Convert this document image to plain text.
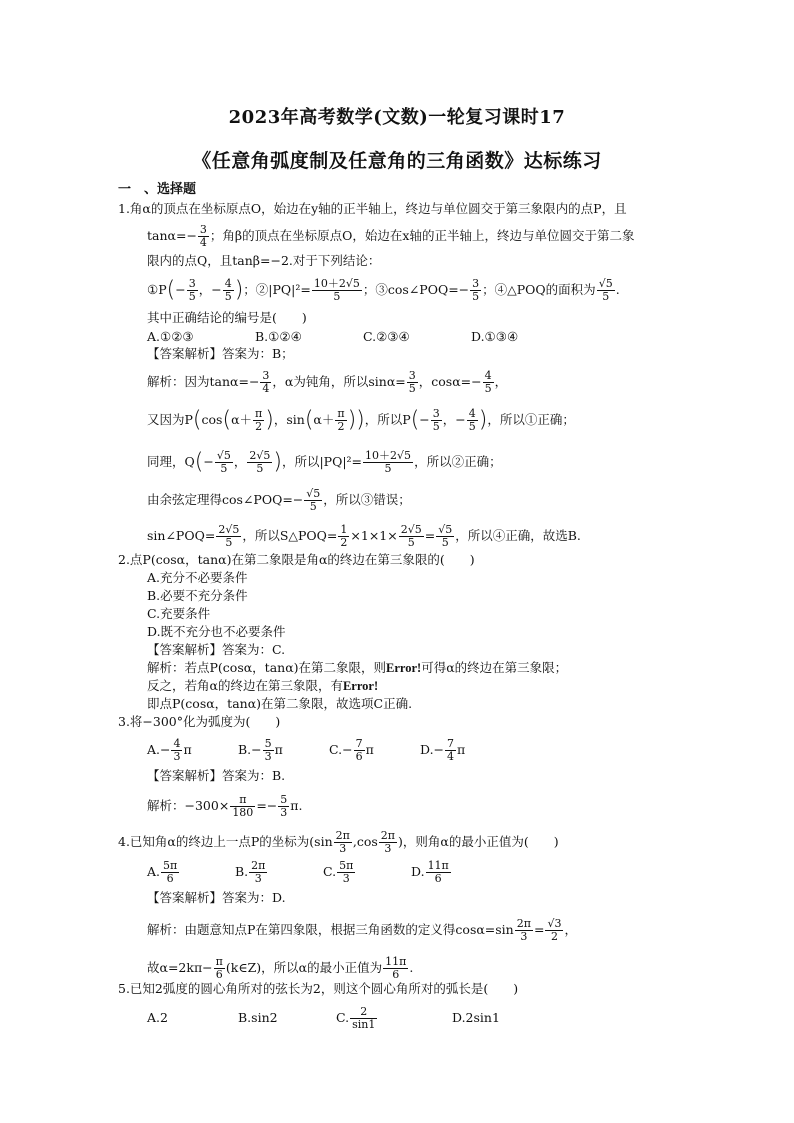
2023年高考数学(文数)一轮复习课时17
《任意角弧度制及任意角的三角函数》达标练习
一　、选择题
1.角α的顶点在坐标原点O，始边在y轴的正半轴上，终边与单位圆交于第三象限内的点P，且
$\tan\alpha=- \frac{3}{4}$ ；角β的顶点在坐标原点O，始边在x轴的正半轴上，终边与单位圆交于第二象
限内的点Q，且tanβ=−2.对于下列结论：
①P(− $\frac{3}{5}$ ，− $\frac{4}{5}$ )；②|PQ|²= $\frac{10+2√5}{5}$ ；③cos∠POQ=− $\frac{3}{5}$ ；④△POQ的面积为 $\frac{√5}{5}$ .
其中正确结论的编号是(　　)
A.①②③	B.①②④	C.②③④	D.①③④
【答案解析】答案为：B；
解析：因为$\tan\alpha=- \frac{3}{4}$ ，α为钝角，所以$\sin\alpha= \frac{3}{5}$ ，$\cos\alpha=- \frac{4}{5}$ ，
又因为$P(\cos(\alpha+ \frac{\pi}{2}$ )，$\sin(\alpha+ \frac{\pi}{2}$ ))，所以$P(- \frac{3}{5}$ ，− $\frac{4}{5}$ )，所以①正确；
同理，$Q(- \frac{√5}{5}$ ， $\frac{2√5}{5}$ )，所以$|PQ|^2= \frac{10+2√5}{5}$ ，所以②正确；
由余弦定理得cos∠POQ=− $\frac{√5}{5}$ ，所以③错误；
sin∠POQ= $\frac{2√5}{5}$ ，所以S△POQ= $\frac{1}{2} \times 1\times 1\times \frac{2√5}{5} = \frac{√5}{5}$ ，所以④正确，故选B.
2.点P(cosα，tanα)在第二象限是角α的终边在第三象限的(　　)
A.充分不必要条件
B.必要不充分条件
C.充要条件
D.既不充分也不必要条件
【答案解析】答案为：C.
解析：若点P(cosα，tanα)在第二象限，则Error!可得α的终边在第三象限；
反之，若角α的终边在第三象限，有Error!
即点P(cosα，tanα)在第二象限，故选项C正确.
3.将−300°化为弧度为(　　)
$A.- \frac{4}{3}$ π	$B.- \frac{5}{3}$ π	$C.- \frac{7}{6}$ π	$D.- \frac{7}{4}$ π
【答案解析】答案为：B.
解析：$-300\times \frac{\pi}{180} =- \frac{5}{3} \pi$.
4.已知角α的终边上一点P的坐标为($\sin \frac{2\pi}{3} ,\cos \frac{2\pi}{3}$ )，则角α的最小正值为(　　)
A. $\frac{5\pi}{6}$	B. $\frac{2\pi}{3}$	C. $\frac{5\pi}{3}$	D. $\frac{11\pi}{6}$
【答案解析】答案为：D.
解析：由题意知点P在第四象限，根据三角函数的定义得$\cos\alpha=\sin \frac{2\pi}{3} = \frac{√3}{2}$ ，
故$\alpha=2k\pi- \frac{\pi}{6}$ (k∈Z)，所以α的最小正值为 $\frac{11\pi}{6}$ .
5.已知2弧度的圆心角所对的弦长为2，则这个圆心角所对的弧长是(　　)
A.2	B.sin2	C. $\frac{2}{\sin 1}$	D.2sin1
